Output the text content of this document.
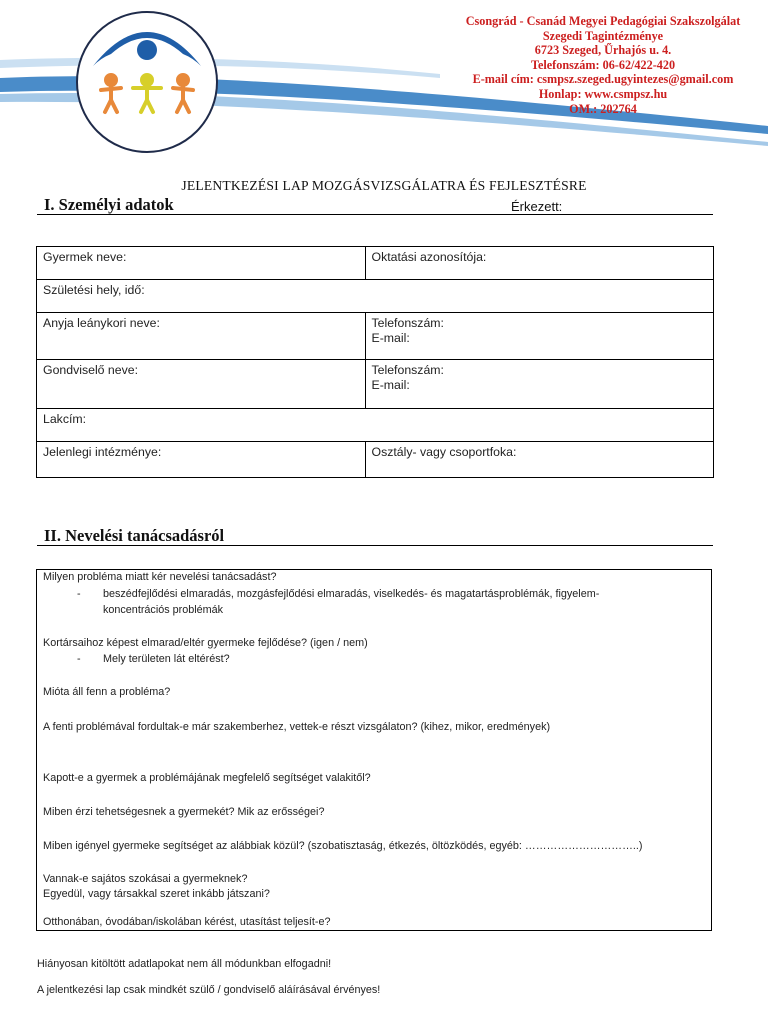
Csongrád - Csanád Megyei Pedagógiai Szakszolgálat
Szegedi Tagintézménye
6723 Szeged, Űrhajós u. 4.
Telefonszám: 06-62/422-420
E-mail cím: csmpsz.szeged.ugyintezes@gmail.com
Honlap: www.csmpsz.hu
OM.: 202764
JELENTKEZÉSI LAP MOZGÁSVIZSGÁLATRA ÉS FEJLESZTÉSRE
I. Személyi adatok	Érkezett:
Gyermek neve:	Oktatási azonosítója:
Születési hely, idő:	
Anyja leánykori neve:	Telefonszám:
E-mail:

Gondviselő neve:	Telefonszám:
E-mail:

Lakcím:	
Jelenlegi intézménye:	Osztály- vagy csoportfoka:
II. Nevelési tanácsadásról
Milyen probléma miatt kér nevelési tanácsadást?
- beszédfejlődési elmaradás, mozgásfejlődési elmaradás, viselkedés- és magatartásproblémák, figyelem-
koncentrációs problémák
Kortársaihoz képest elmarad/eltér gyermeke fejlődése? (igen / nem)
- Mely területen lát eltérést?
Mióta áll fenn a probléma?
A fenti problémával fordultak-e már szakemberhez, vettek-e részt vizsgálaton? (kihez, mikor, eredmények)
Kapott-e a gyermek a problémájának megfelelő segítséget valakitől?
Miben érzi tehetségesnek a gyermekét? Mik az erősségei?
Miben igényel gyermeke segítséget az alábbiak közül? (szobatisztaság, étkezés, öltözködés, egyéb: …………………………..)
Vannak-e sajátos szokásai a gyermeknek?
Egyedül, vagy társakkal szeret inkább játszani?
Otthonában, óvodában/iskolában kérést, utasítást teljesít-e?
Hiányosan kitöltött adatlapokat nem áll módunkban elfogadni!
A jelentkezési lap csak mindkét szülő / gondviselő aláírásával érvényes!
